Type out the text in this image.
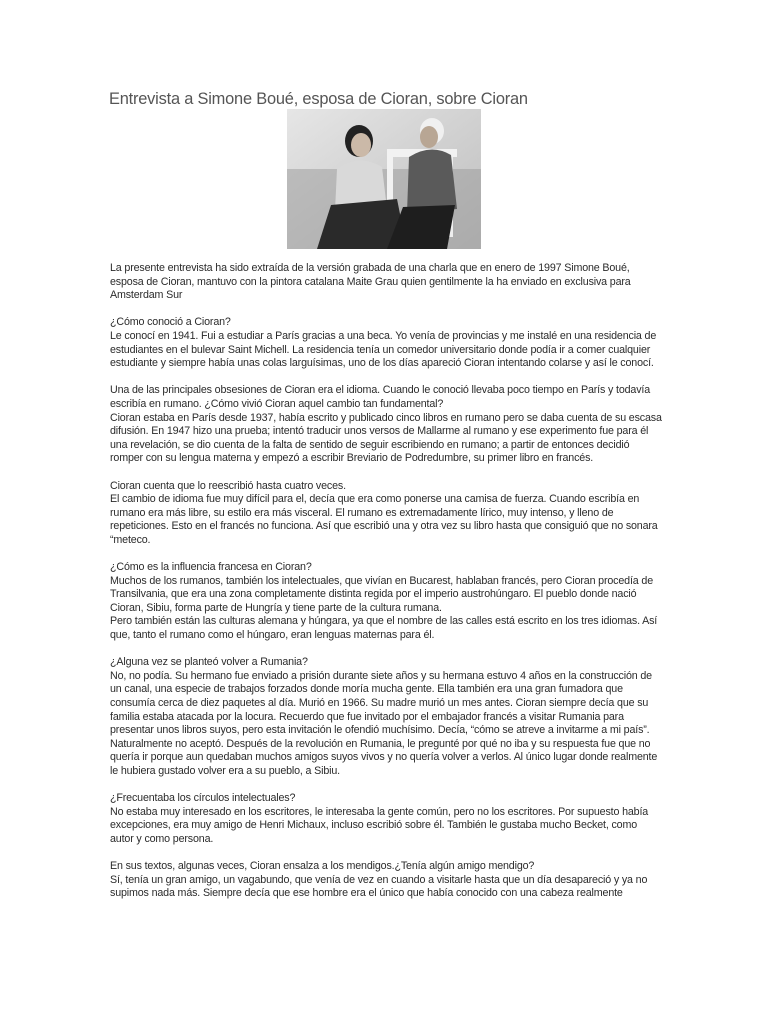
Entrevista a Simone Boué, esposa de Cioran, sobre Cioran

La presente entrevista ha sido extraída de la versión grabada de una charla que en enero de 1997 Simone Boué, esposa de Cioran, mantuvo con la pintora catalana Maite Grau quien gentilmente la ha enviado en exclusiva para Amsterdam Sur

¿Cómo conoció a Cioran?
Le conocí en 1941. Fui a estudiar a París gracias a una beca. Yo venía de provincias y me instalé en una residencia de estudiantes en el bulevar Saint Michell. La residencia tenía un comedor universitario donde podía ir a comer cualquier estudiante y siempre había unas colas larguísimas, uno de los días apareció Cioran intentando colarse y así le conocí.

Una de las principales obsesiones de Cioran era el idioma. Cuando le conoció llevaba poco tiempo en París y todavía escribía en rumano. ¿Cómo vivió Cioran aquel cambio tan fundamental?
Cioran estaba en París desde 1937, había escrito y publicado cinco libros en rumano pero se daba cuenta de su escasa difusión. En 1947 hizo una prueba; intentó traducir unos versos de Mallarme al rumano y ese experimento fue para él una revelación, se dio cuenta de la falta de sentido de seguir escribiendo en rumano; a partir de entonces decidió romper con su lengua materna y empezó a escribir Breviario de Podredumbre, su primer libro en francés.

Cioran cuenta que lo reescribió hasta cuatro veces.
El cambio de idioma fue muy difícil para el, decía que era como ponerse una camisa de fuerza. Cuando escribía en rumano era más libre, su estilo era más visceral. El rumano es extremadamente lírico, muy intenso, y lleno de repeticiones. Esto en el francés no funciona. Así que escribió una y otra vez su libro hasta que consiguió que no sonara “meteco.

¿Cómo es la influencia francesa en Cioran?
Muchos de los rumanos, también los intelectuales, que vivían en Bucarest, hablaban francés, pero Cioran procedía de Transilvania, que era una zona completamente distinta regida por el imperio austrohúngaro. El pueblo donde nació Cioran, Sibiu, forma parte de Hungría y tiene parte de la cultura rumana.
Pero también están las culturas alemana y húngara, ya que el nombre de las calles está escrito en los tres idiomas. Así que, tanto el rumano como el húngaro, eran lenguas maternas para él.

¿Alguna vez se planteó volver a Rumania?
No, no podía. Su hermano fue enviado a prisión durante siete años y su hermana estuvo 4 años en la construcción de un canal, una especie de trabajos forzados donde moría mucha gente. Ella también era una gran fumadora que consumía cerca de diez paquetes al día. Murió en 1966. Su madre murió un mes antes. Cioran siempre decía que su familia estaba atacada por la locura. Recuerdo que fue invitado por el embajador francés a visitar Rumania para presentar unos libros suyos, pero esta invitación le ofendió muchísimo. Decía, “cómo se atreve a invitarme a mi país”. Naturalmente no aceptó. Después de la revolución en Rumania, le pregunté por qué no iba y su respuesta fue que no quería ir porque aun quedaban muchos amigos suyos vivos y no quería volver a verlos. Al único lugar donde realmente le hubiera gustado volver era a su pueblo, a Sibiu.

¿Frecuentaba los círculos intelectuales?
No estaba muy interesado en los escritores, le interesaba la gente común, pero no los escritores. Por supuesto había excepciones, era muy amigo de Henri Michaux, incluso escribió sobre él. También le gustaba mucho Becket, como autor y como persona.

En sus textos, algunas veces, Cioran ensalza a los mendigos.¿Tenía algún amigo mendigo?
Sí, tenía un gran amigo, un vagabundo, que venía de vez en cuando a visitarle hasta que un día desapareció y ya no supimos nada más. Siempre decía que ese hombre era el único que había conocido con una cabeza realmente
